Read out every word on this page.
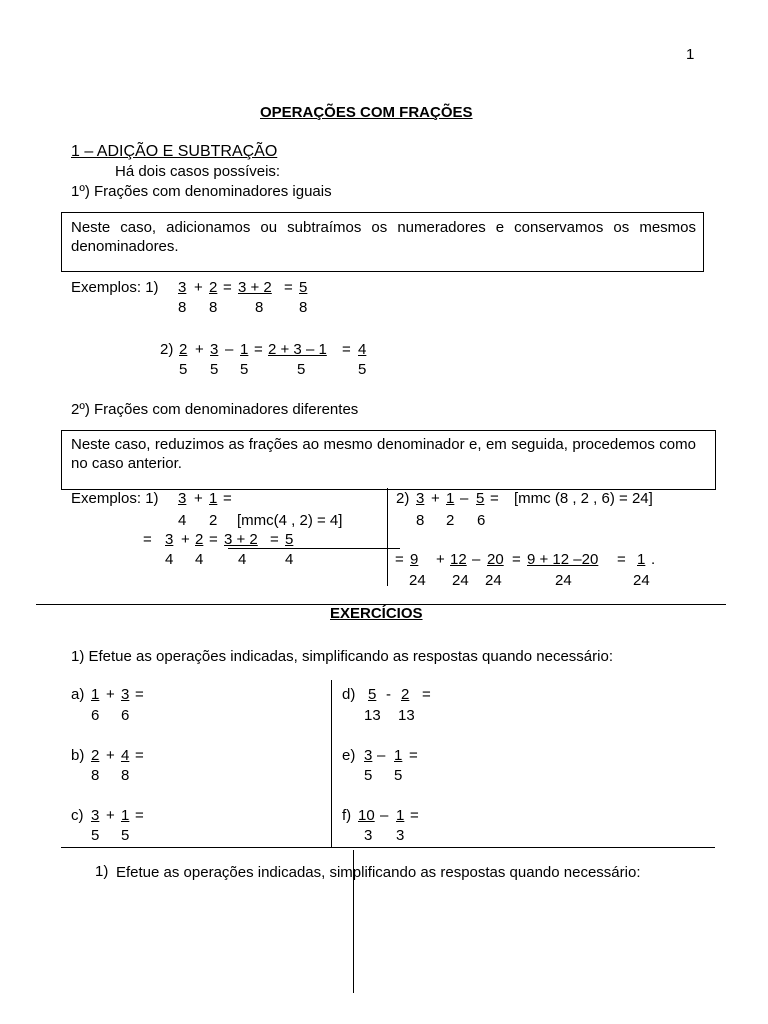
1
OPERAÇÕES COM FRAÇÕES
1 – ADIÇÃO E SUBTRAÇÃO
Há dois casos possíveis:
1º) Frações com denominadores iguais
Neste caso, adicionamos ou subtraímos os numeradores e conservamos os mesmos denominadores.
Exemplos: 1) 3 + 2 = 3 + 2 = 5
8 8	8 8
2) 2 + 3 – 1 = 2 + 3 – 1 = 4
5 5 5	5	5
2º) Frações com denominadores diferentes
Neste caso, reduzimos as frações ao mesmo denominador e, em seguida, procedemos como no caso anterior.
Exemplos: 1) 3 + 1 =
4 2 [mmc(4 , 2) = 4]
= 3 + 2 = 3 + 2 = 5
4 4 4	4
2) 3 + 1 – 5 = [mmc (8 , 2 , 6) = 24]
8 2 6
= 9 + 12 – 20 = 9 + 12 –20 = 1 .
24 24 24	24	24
EXERCÍCIOS
1) Efetue as operações indicadas, simplificando as respostas quando necessário:
a) 1 + 3 =
6 6
b) 2 + 4 =
8 8
c) 3 + 1 =
5 5
d) 5 - 2 =
13 13
e) 3 – 1 =
5 5
f) 10 – 1 =
3 3
1) Efetue as operações indicadas, simplificando as respostas quando necessário:
